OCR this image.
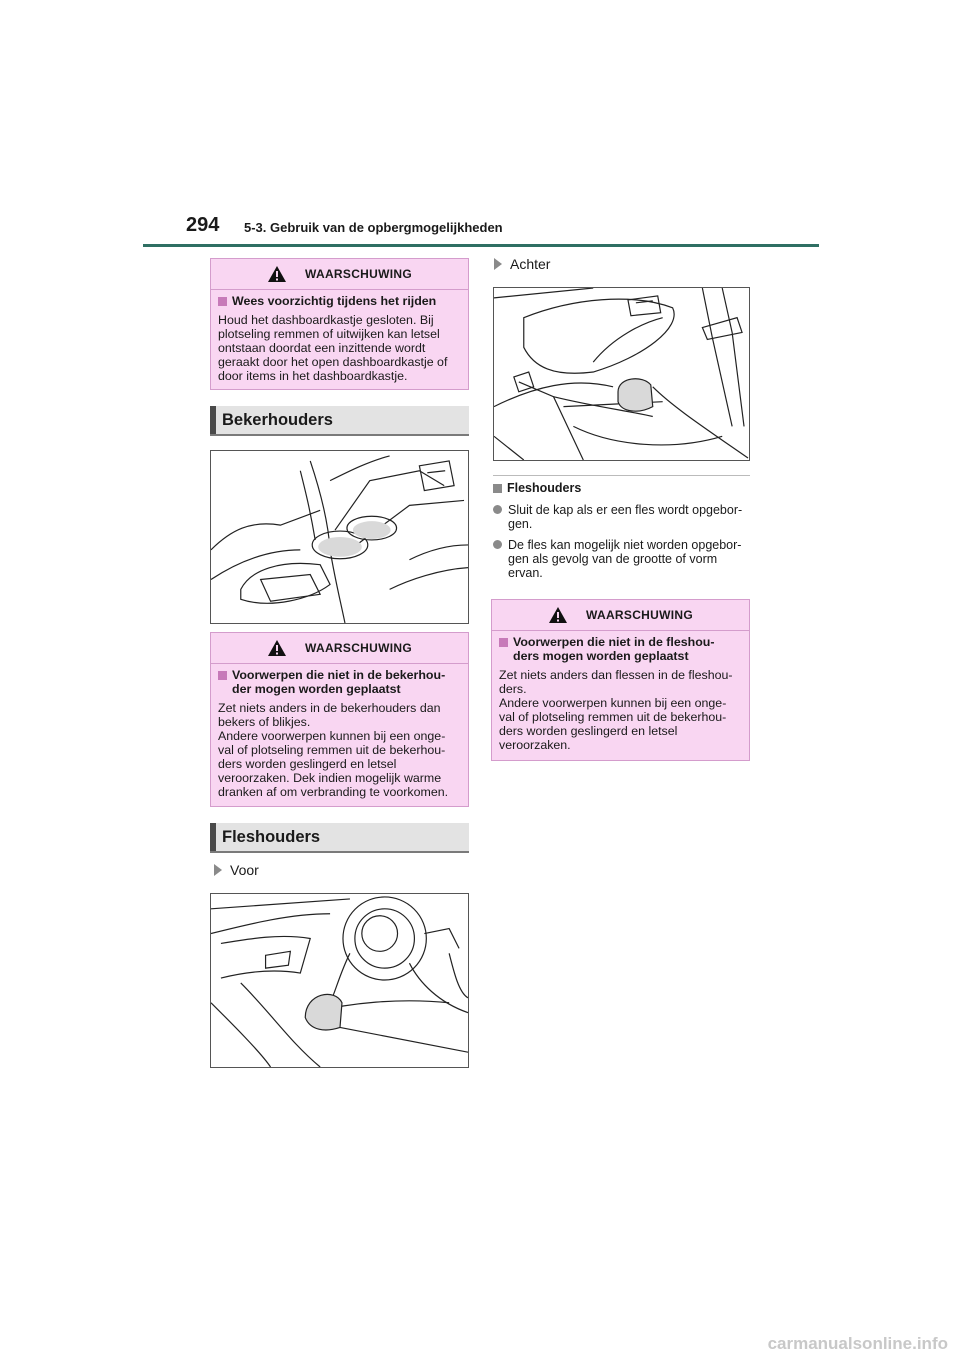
294 5-3. Gebruik van de opbergmogelijkheden
WAARSCHUWING
Wees voorzichtig tijdens het rijden
Houd het dashboardkastje gesloten. Bij
plotseling remmen of uitwijken kan letsel
ontstaan doordat een inzittende wordt
geraakt door het open dashboardkastje of
door items in het dashboardkastje.
Bekerhouders
WAARSCHUWING
Voorwerpen die niet in de bekerhou-
der mogen worden geplaatst
Zet niets anders in de bekerhouders dan
bekers of blikjes.
Andere voorwerpen kunnen bij een onge-
val of plotseling remmen uit de bekerhou-
ders worden geslingerd en letsel
veroorzaken. Dek indien mogelijk warme
dranken af om verbranding te voorkomen.
Fleshouders
Voor
Achter
Fleshouders
Sluit de kap als er een fles wordt opgebor-
gen.
De fles kan mogelijk niet worden opgebor-
gen als gevolg van de grootte of vorm
ervan.
WAARSCHUWING
Voorwerpen die niet in de fleshou-
ders mogen worden geplaatst
Zet niets anders dan flessen in de fleshou-
ders.
Andere voorwerpen kunnen bij een onge-
val of plotseling remmen uit de bekerhou-
ders worden geslingerd en letsel
veroorzaken.
carmanualsonline.info
